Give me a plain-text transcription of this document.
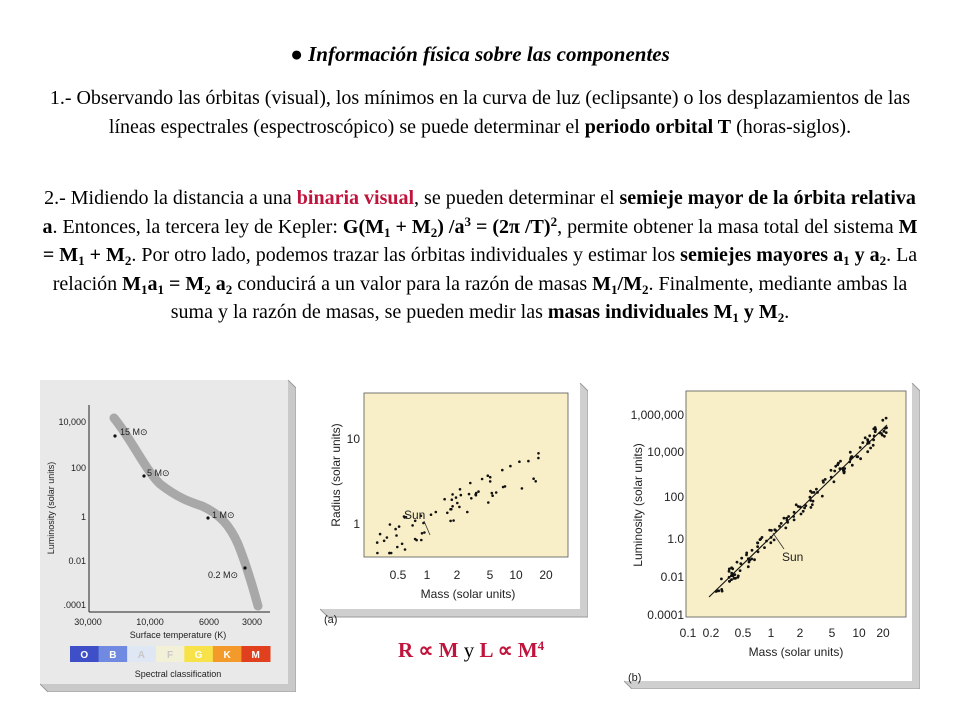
● Información física sobre las componentes
1.- Observando las órbitas (visual), los mínimos en la curva de luz (eclipsante) o los desplazamientos de las líneas espectrales (espectroscópico) se puede determinar el periodo orbital T (horas-siglos).
2.- Midiendo la distancia a una binaria visual, se pueden determinar el semieje mayor de la órbita relativa a. Entonces, la tercera ley de Kepler: $G(M_1 + M_2) /a^3 = (2\pi$ /T)$^2$, permite obtener la masa total del sistema $M = M_1 + M_2$. Por otro lado, podemos trazar las órbitas individuales y estimar los semiejes mayores $a_1$ y $a_2$. La relación $M_1a_1 = M_2$ $a_2$ conducirá a un valor para la razón de masas $M_1/M_2$. Finalmente, mediante ambas la suma y la razón de masas, se pueden medir las masas individuales $M_1$ y $M_2$.
10,000
100
1
0.01
.0001
30,000	10,000	6000	3000
Surface temperature (K)
Luminosity (solar units)
15 M⊙
5 M⊙
1 M⊙
0.2 M⊙
O B A F G K M
Spectral classification
Sun
10
1
0.5 1 2 5 10 20
Mass (solar units)
Radius (solar units)
(a)
Sun
1,000,000
10,000
100
1.0
0.01
0.0001
0.1 0.2 0.5 1 2 5 10 20
Mass (solar units)
Luminosity (solar units)
(b)
R ∝ M y $L \propto M^4$
